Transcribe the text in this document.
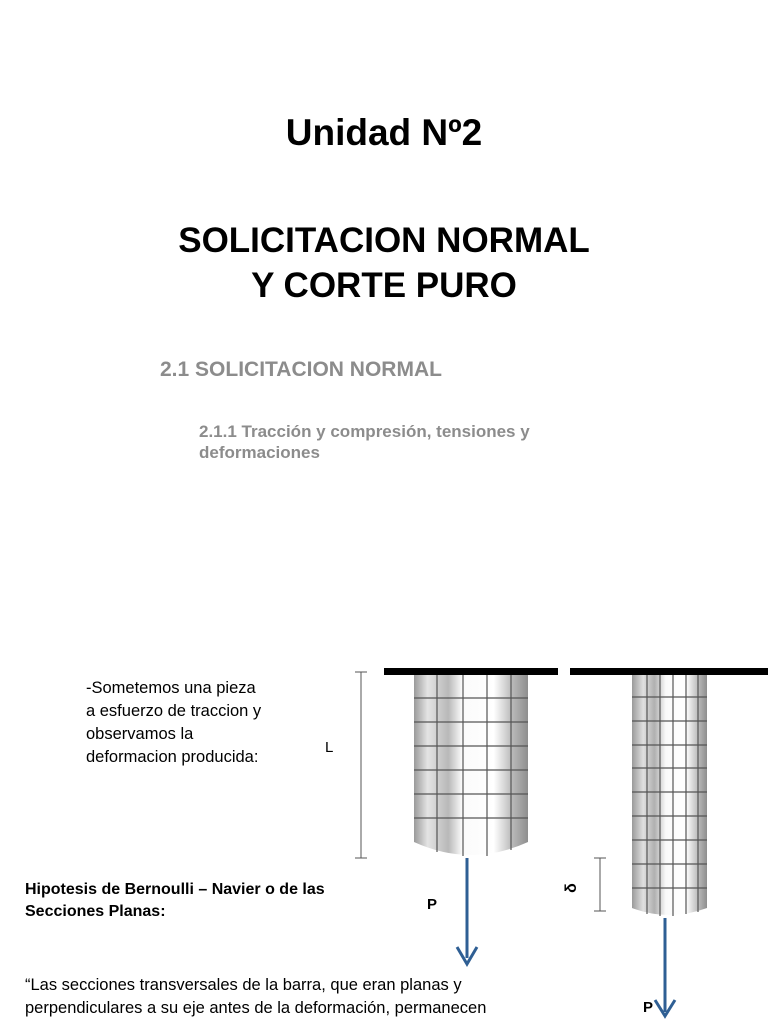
Unidad Nº2
SOLICITACION NORMAL
Y CORTE PURO
2.1 SOLICITACION NORMAL
2.1.1 Tracción y compresión, tensiones y
deformaciones
-Sometemos una pieza
a esfuerzo de traccion y
observamos la
deformacion producida:
Hipotesis de Bernoulli – Navier o de las
Secciones Planas:
“Las secciones transversales de la barra, que eran planas y
perpendiculares a su eje antes de la deformación, permanecen
L
P
δ
P
